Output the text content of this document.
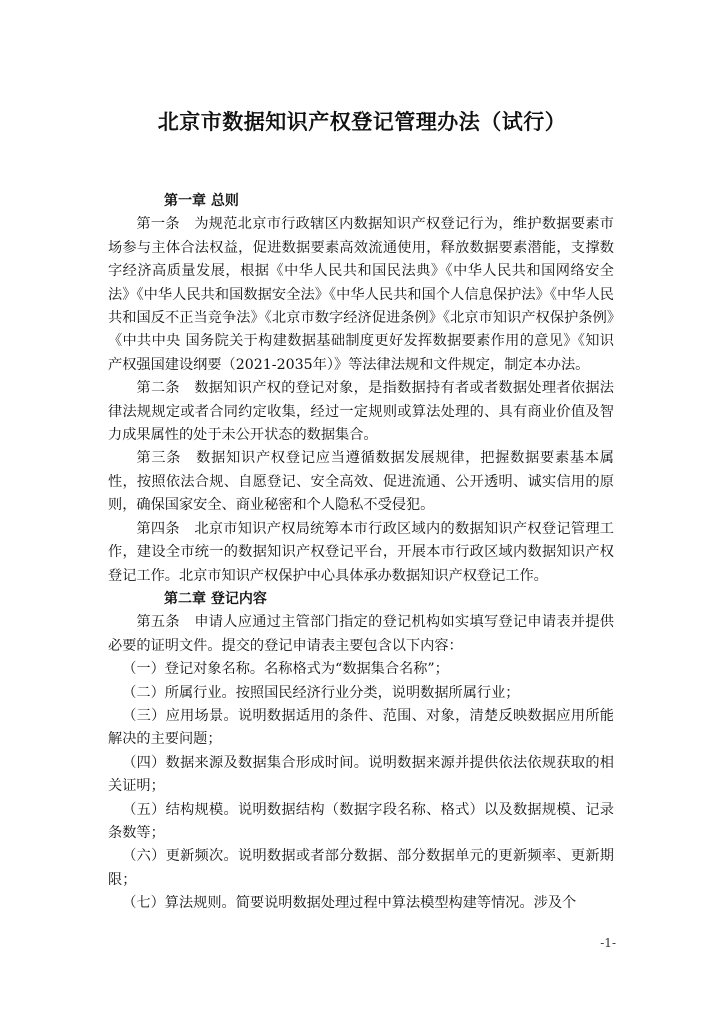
北京市数据知识产权登记管理办法（试行）

第一章 总则

第一条　为规范北京市行政辖区内数据知识产权登记行为，维护数据要素市场参与主体合法权益，促进数据要素高效流通使用，释放数据要素潜能，支撑数字经济高质量发展，根据《中华人民共和国民法典》《中华人民共和国网络安全法》《中华人民共和国数据安全法》《中华人民共和国个人信息保护法》《中华人民共和国反不正当竞争法》《北京市数字经济促进条例》《北京市知识产权保护条例》《中共中央 国务院关于构建数据基础制度更好发挥数据要素作用的意见》《知识产权强国建设纲要（2021-2035年）》等法律法规和文件规定，制定本办法。

第二条　数据知识产权的登记对象，是指数据持有者或者数据处理者依据法律法规规定或者合同约定收集，经过一定规则或算法处理的、具有商业价值及智力成果属性的处于未公开状态的数据集合。

第三条　数据知识产权登记应当遵循数据发展规律，把握数据要素基本属性，按照依法合规、自愿登记、安全高效、促进流通、公开透明、诚实信用的原则，确保国家安全、商业秘密和个人隐私不受侵犯。

第四条　北京市知识产权局统筹本市行政区域内的数据知识产权登记管理工作，建设全市统一的数据知识产权登记平台，开展本市行政区域内数据知识产权登记工作。北京市知识产权保护中心具体承办数据知识产权登记工作。

第二章 登记内容

第五条　申请人应通过主管部门指定的登记机构如实填写登记申请表并提供必要的证明文件。提交的登记申请表主要包含以下内容：

（一）登记对象名称。名称格式为“数据集合名称”；

（二）所属行业。按照国民经济行业分类，说明数据所属行业；

（三）应用场景。说明数据适用的条件、范围、对象，清楚反映数据应用所能解决的主要问题；

（四）数据来源及数据集合形成时间。说明数据来源并提供依法依规获取的相关证明；

（五）结构规模。说明数据结构（数据字段名称、格式）以及数据规模、记录条数等；

（六）更新频次。说明数据或者部分数据、部分数据单元的更新频率、更新期限；

（七）算法规则。简要说明数据处理过程中算法模型构建等情况。涉及个

-1-
